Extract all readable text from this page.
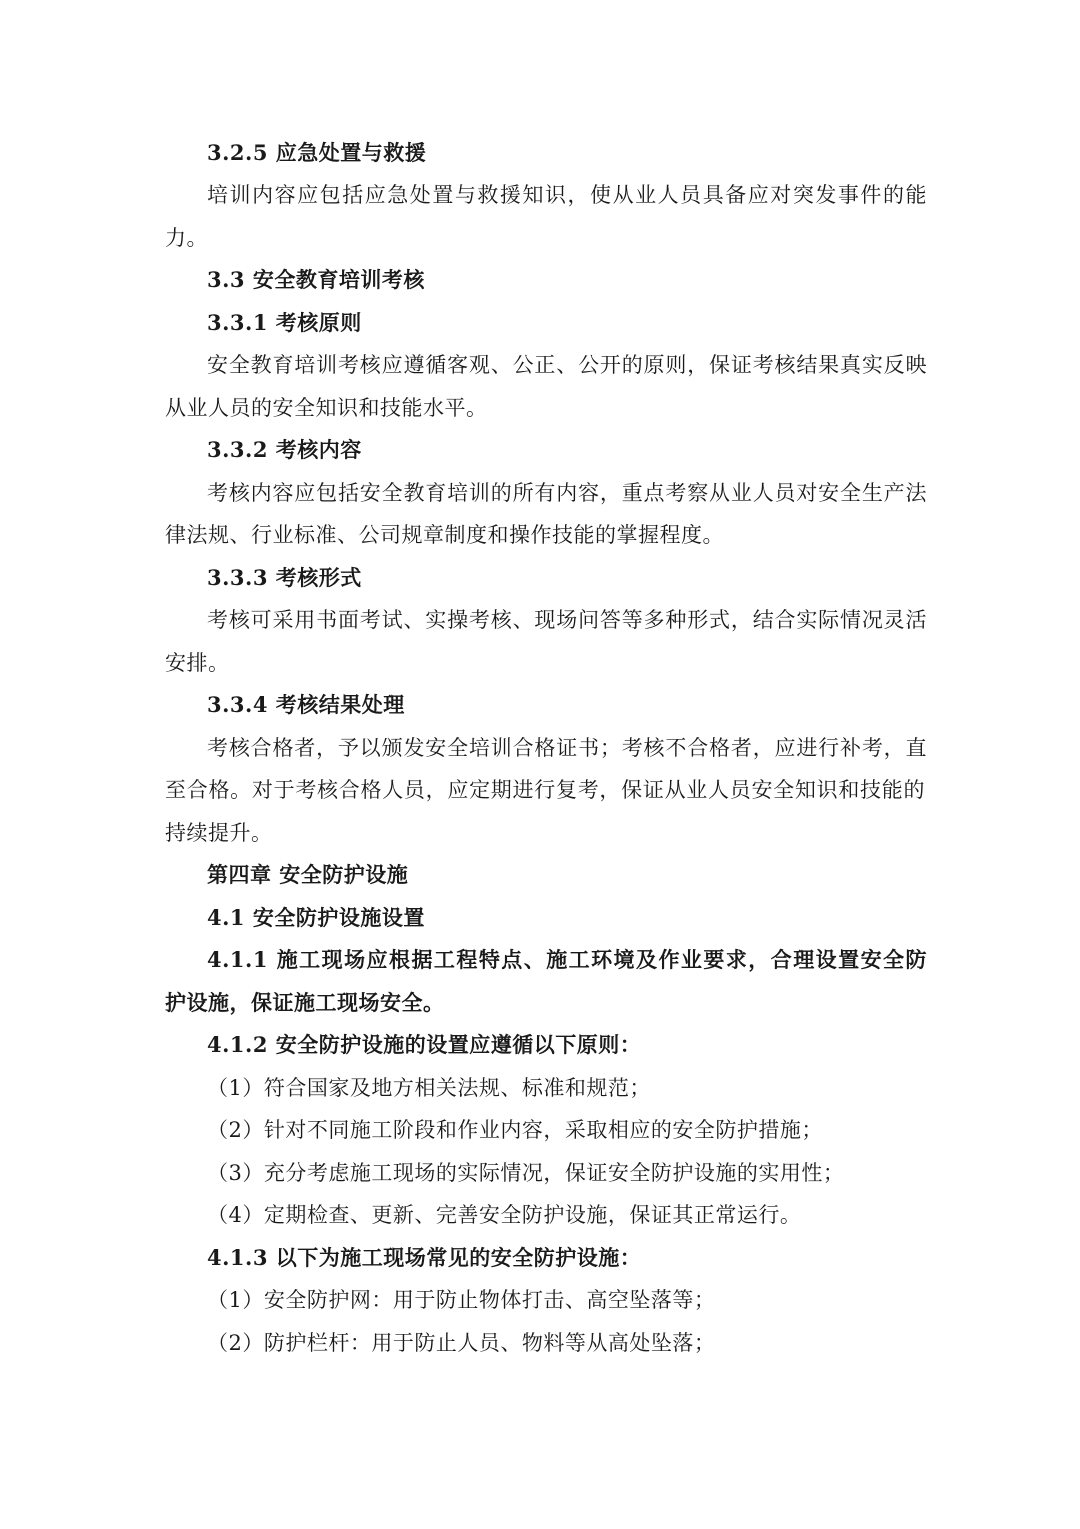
3.2.5 应急处置与救援
培训内容应包括应急处置与救援知识，使从业人员具备应对突发事件的能
力。
3.3 安全教育培训考核
3.3.1 考核原则
安全教育培训考核应遵循客观、公正、公开的原则，保证考核结果真实反映
从业人员的安全知识和技能水平。
3.3.2 考核内容
考核内容应包括安全教育培训的所有内容，重点考察从业人员对安全生产法
律法规、行业标准、公司规章制度和操作技能的掌握程度。
3.3.3 考核形式
考核可采用书面考试、实操考核、现场问答等多种形式，结合实际情况灵活
安排。
3.3.4 考核结果处理
考核合格者，予以颁发安全培训合格证书；考核不合格者，应进行补考，直
至合格。对于考核合格人员，应定期进行复考，保证从业人员安全知识和技能的
持续提升。
第四章 安全防护设施
4.1 安全防护设施设置
4.1.1 施工现场应根据工程特点、施工环境及作业要求，合理设置安全防
护设施，保证施工现场安全。
4.1.2 安全防护设施的设置应遵循以下原则：
（1）符合国家及地方相关法规、标准和规范；
（2）针对不同施工阶段和作业内容，采取相应的安全防护措施；
（3）充分考虑施工现场的实际情况，保证安全防护设施的实用性；
（4）定期检查、更新、完善安全防护设施，保证其正常运行。
4.1.3 以下为施工现场常见的安全防护设施：
（1）安全防护网：用于防止物体打击、高空坠落等；
（2）防护栏杆：用于防止人员、物料等从高处坠落；
